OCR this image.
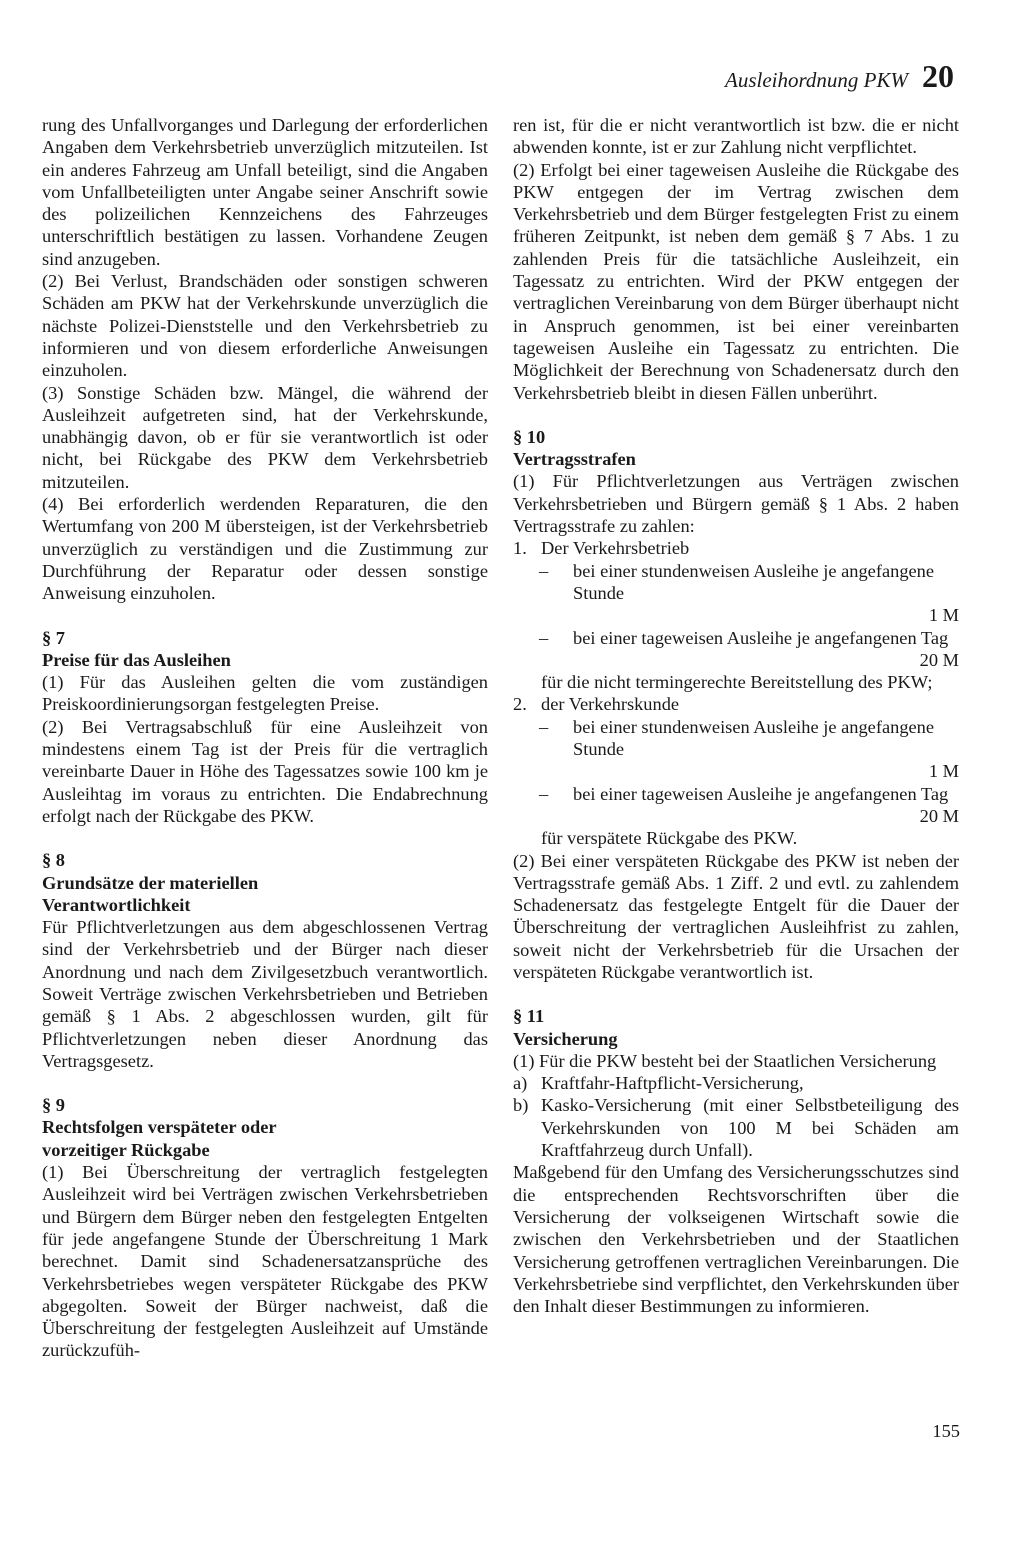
Ausleihordnung PKW 20

rung des Unfallvorganges und Darlegung der erforderlichen Angaben dem Verkehrsbetrieb unverzüglich mitzuteilen. Ist ein anderes Fahrzeug am Unfall beteiligt, sind die Angaben vom Unfallbeteiligten unter Angabe seiner Anschrift sowie des polizeilichen Kennzeichens des Fahrzeuges unterschriftlich bestätigen zu lassen. Vorhandene Zeugen sind anzugeben.

(2) Bei Verlust, Brandschäden oder sonstigen schweren Schäden am PKW hat der Verkehrskunde unverzüglich die nächste Polizei-Dienststelle und den Verkehrsbetrieb zu informieren und von diesem erforderliche Anweisungen einzuholen.

(3) Sonstige Schäden bzw. Mängel, die während der Ausleihzeit aufgetreten sind, hat der Verkehrskunde, unabhängig davon, ob er für sie verantwortlich ist oder nicht, bei Rückgabe des PKW dem Verkehrsbetrieb mitzuteilen.

(4) Bei erforderlich werdenden Reparaturen, die den Wertumfang von 200 M übersteigen, ist der Verkehrsbetrieb unverzüglich zu verständigen und die Zustimmung zur Durchführung der Reparatur oder dessen sonstige Anweisung einzuholen.

§ 7
Preise für das Ausleihen

(1) Für das Ausleihen gelten die vom zuständigen Preiskoordinierungsorgan festgelegten Preise.

(2) Bei Vertragsabschluß für eine Ausleihzeit von mindestens einem Tag ist der Preis für die vertraglich vereinbarte Dauer in Höhe des Tagessatzes sowie 100 km je Ausleihtag im voraus zu entrichten. Die Endabrechnung erfolgt nach der Rückgabe des PKW.

§ 8
Grundsätze der materiellen
Verantwortlichkeit

Für Pflichtverletzungen aus dem abgeschlossenen Vertrag sind der Verkehrsbetrieb und der Bürger nach dieser Anordnung und nach dem Zivilgesetzbuch verantwortlich. Soweit Verträge zwischen Verkehrsbetrieben und Betrieben gemäß § 1 Abs. 2 abgeschlossen wurden, gilt für Pflichtverletzungen neben dieser Anordnung das Vertragsgesetz.

§ 9
Rechtsfolgen verspäteter oder
vorzeitiger Rückgabe

(1) Bei Überschreitung der vertraglich festgelegten Ausleihzeit wird bei Verträgen zwischen Verkehrsbetrieben und Bürgern dem Bürger neben den festgelegten Entgelten für jede angefangene Stunde der Überschreitung 1 Mark berechnet. Damit sind Schadenersatzansprüche des Verkehrsbetriebes wegen verspäteter Rückgabe des PKW abgegolten. Soweit der Bürger nachweist, daß die Überschreitung der festgelegten Ausleihzeit auf Umstände zurückzufüh-

ren ist, für die er nicht verantwortlich ist bzw. die er nicht abwenden konnte, ist er zur Zahlung nicht verpflichtet.

(2) Erfolgt bei einer tageweisen Ausleihe die Rückgabe des PKW entgegen der im Vertrag zwischen dem Verkehrsbetrieb und dem Bürger festgelegten Frist zu einem früheren Zeitpunkt, ist neben dem gemäß § 7 Abs. 1 zu zahlenden Preis für die tatsächliche Ausleihzeit, ein Tagessatz zu entrichten. Wird der PKW entgegen der vertraglichen Vereinbarung von dem Bürger überhaupt nicht in Anspruch genommen, ist bei einer vereinbarten tageweisen Ausleihe ein Tagessatz zu entrichten. Die Möglichkeit der Berechnung von Schadenersatz durch den Verkehrsbetrieb bleibt in diesen Fällen unberührt.

§ 10
Vertragsstrafen

(1) Für Pflichtverletzungen aus Verträgen zwischen Verkehrsbetrieben und Bürgern gemäß § 1 Abs. 2 haben Vertragsstrafe zu zahlen:

1. Der Verkehrsbetrieb
–	bei einer stundenweisen Ausleihe je angefangene Stunde
1 M
–	bei einer tageweisen Ausleihe je angefangenen Tag
20 M

für die nicht termingerechte Bereitstellung des PKW;

2. der Verkehrskunde
–	bei einer stundenweisen Ausleihe je angefangene Stunde
1 M
–	bei einer tageweisen Ausleihe je angefangenen Tag
20 M

für verspätete Rückgabe des PKW.

(2) Bei einer verspäteten Rückgabe des PKW ist neben der Vertragsstrafe gemäß Abs. 1 Ziff. 2 und evtl. zu zahlendem Schadenersatz das festgelegte Entgelt für die Dauer der Überschreitung der vertraglichen Ausleihfrist zu zahlen, soweit nicht der Verkehrsbetrieb für die Ursachen der verspäteten Rückgabe verantwortlich ist.

§ 11
Versicherung

(1) Für die PKW besteht bei der Staatlichen Versicherung

a) Kraftfahr-Haftpflicht-Versicherung,
b) Kasko-Versicherung (mit einer Selbstbeteiligung des Verkehrskunden von 100 M bei Schäden am Kraftfahrzeug durch Unfall).

Maßgebend für den Umfang des Versicherungsschutzes sind die entsprechenden Rechtsvorschriften über die Versicherung der volkseigenen Wirtschaft sowie die zwischen den Verkehrsbetrieben und der Staatlichen Versicherung getroffenen vertraglichen Vereinbarungen. Die Verkehrsbetriebe sind verpflichtet, den Verkehrskunden über den Inhalt dieser Bestimmungen zu informieren.

155
